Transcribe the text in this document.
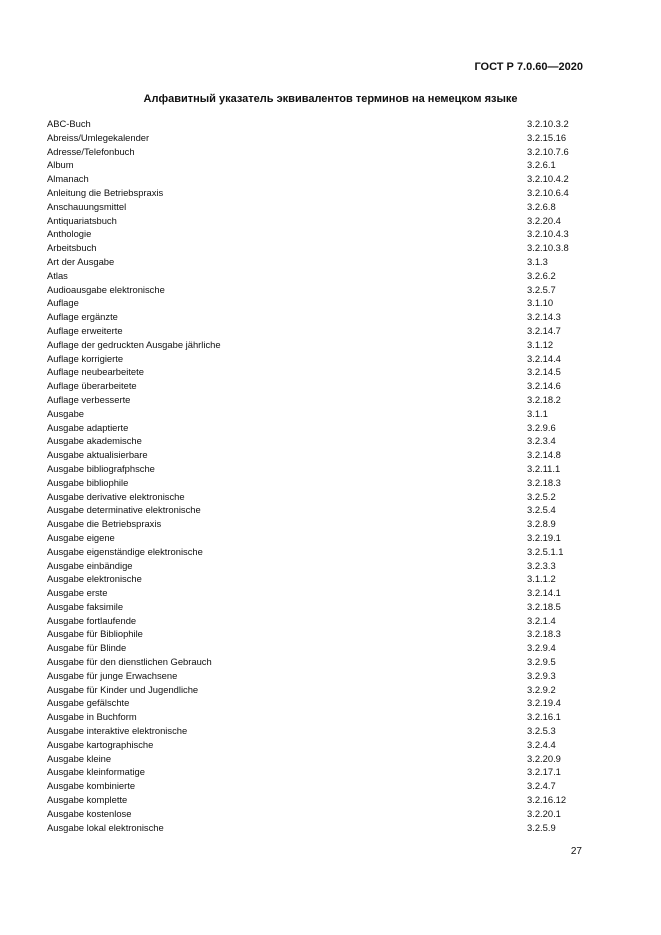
ГОСТ Р 7.0.60—2020
Алфавитный указатель эквивалентов терминов на немецком языке
ABC-Buch	3.2.10.3.2
Abreiss/Umlegekalender	3.2.15.16
Adresse/Telefonbuch	3.2.10.7.6
Album	3.2.6.1
Almanach	3.2.10.4.2
Anleitung die Betriebspraxis	3.2.10.6.4
Anschauungsmittel	3.2.6.8
Antiquariatsbuch	3.2.20.4
Anthologie	3.2.10.4.3
Arbeitsbuch	3.2.10.3.8
Art der Ausgabe	3.1.3
Atlas	3.2.6.2
Audioausgabe elektronische	3.2.5.7
Auflage	3.1.10
Auflage ergänzte	3.2.14.3
Auflage erweiterte	3.2.14.7
Auflage der gedruckten Ausgabe jährliche	3.1.12
Auflage korrigierte	3.2.14.4
Auflage neubearbeitete	3.2.14.5
Auflage überarbeitete	3.2.14.6
Auflage verbesserte	3.2.18.2
Ausgabe	3.1.1
Ausgabe adaptierte	3.2.9.6
Ausgabe akademische	3.2.3.4
Ausgabe aktualisierbare	3.2.14.8
Ausgabe bibliografphsche	3.2.11.1
Ausgabe bibliophile	3.2.18.3
Ausgabe derivative elektronische	3.2.5.2
Ausgabe determinative elektronische	3.2.5.4
Ausgabe die Betriebspraxis	3.2.8.9
Ausgabe eigene	3.2.19.1
Ausgabe eigenständige elektronische	3.2.5.1.1
Ausgabe einbändige	3.2.3.3
Ausgabe elektronische	3.1.1.2
Ausgabe erste	3.2.14.1
Ausgabe faksimile	3.2.18.5
Ausgabe fortlaufende	3.2.1.4
Ausgabe für Bibliophile	3.2.18.3
Ausgabe für Blinde	3.2.9.4
Ausgabe für den dienstlichen Gebrauch	3.2.9.5
Ausgabe für junge Erwachsene	3.2.9.3
Ausgabe für Kinder und Jugendliche	3.2.9.2
Ausgabe gefälschte	3.2.19.4
Ausgabe in Buchform	3.2.16.1
Ausgabe interaktive elektronische	3.2.5.3
Ausgabe kartographische	3.2.4.4
Ausgabe kleine	3.2.20.9
Ausgabe kleinformatige	3.2.17.1
Ausgabe kombinierte	3.2.4.7
Ausgabe komplette	3.2.16.12
Ausgabe kostenlose	3.2.20.1
Ausgabe lokal elektronische	3.2.5.9
27
